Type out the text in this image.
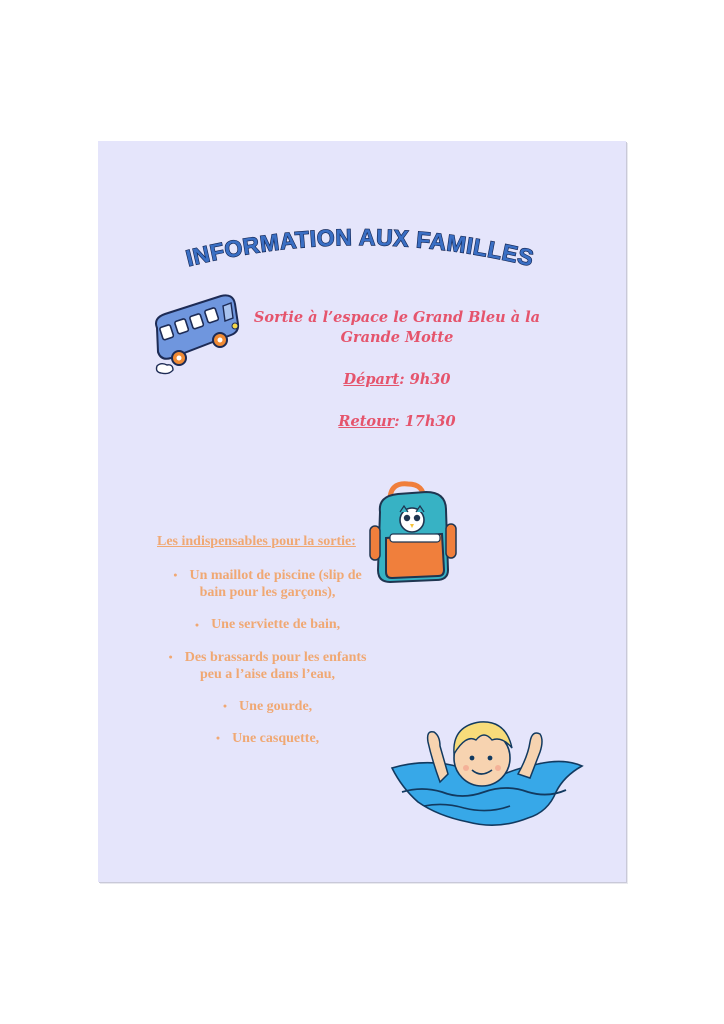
INFORMATION AUX FAMILLES

Sortie à l’espace le Grand Bleu à la

Grande Motte

Départ: 9h30

Retour: 17h30

Les indispensables pour la sortie:

● Un maillot de piscine (slip de
bain pour les garçons),
● Une serviette de bain,
● Des brassards pour les enfants
peu a l’aise dans l’eau,
● Une gourde,
● Une casquette,
